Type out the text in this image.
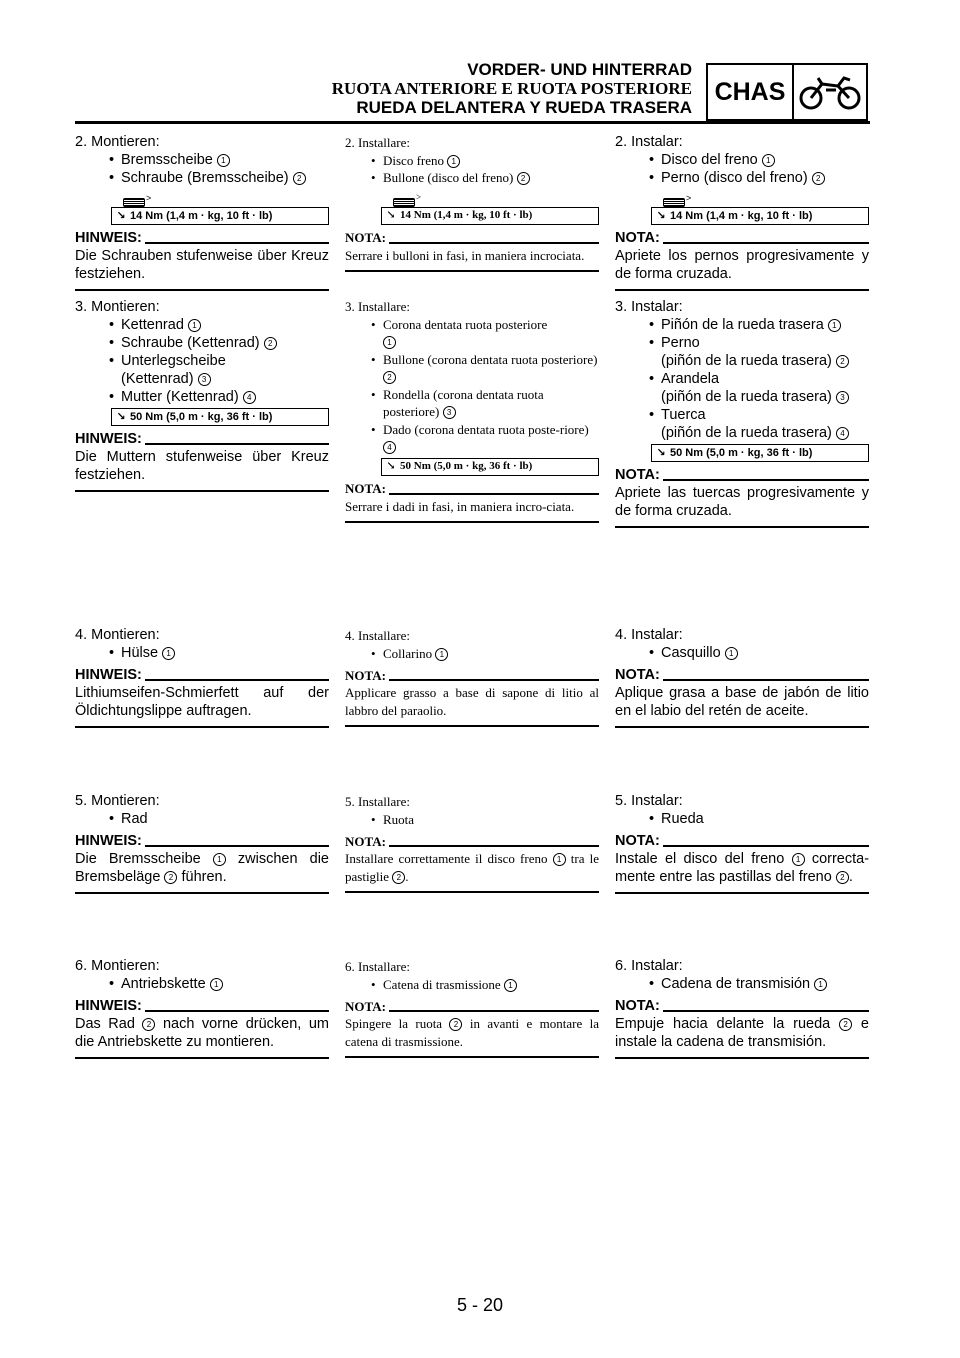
VORDER- UND HINTERRAD
RUOTA ANTERIORE E RUOTA POSTERIORE
RUEDA DELANTERA Y RUEDA TRASERA
CHAS
2. Montieren:
• Bremsscheibe 1
• Schraube (Bremsscheibe) 2
>
↘ 14 Nm (1,4 m · kg, 10 ft · lb)
HINWEIS:
Die Schrauben stufenweise über Kreuz festziehen.
3. Montieren:
• Kettenrad 1
• Schraube (Kettenrad) 2
• Unterlegscheibe
(Kettenrad) 3
• Mutter (Kettenrad) 4
↘ 50 Nm (5,0 m · kg, 36 ft · lb)
HINWEIS:
Die Muttern stufenweise über Kreuz festziehen.
4. Montieren:
• Hülse 1
HINWEIS:
Lithiumseifen-Schmierfett auf der Öldichtungslippe auftragen.
5. Montieren:
• Rad
HINWEIS:
Die Bremsscheibe 1 zwischen die Bremsbeläge 2 führen.
6. Montieren:
• Antriebskette 1
HINWEIS:
Das Rad 2 nach vorne drücken, um die Antriebskette zu montieren.
2. Installare:
• Disco freno 1
• Bullone (disco del freno) 2
>
↘ 14 Nm (1,4 m · kg, 10 ft · lb)
NOTA:
Serrare i bulloni in fasi, in maniera incrociata.
3. Installare:
• Corona dentata ruota posteriore
1
• Bullone (corona dentata ruota posteriore) 2
• Rondella (corona dentata ruota posteriore) 3
• Dado (corona dentata ruota poste-riore) 4
↘ 50 Nm (5,0 m · kg, 36 ft · lb)
NOTA:
Serrare i dadi in fasi, in maniera incro-ciata.
4. Installare:
• Collarino 1
NOTA:
Applicare grasso a base di sapone di litio al labbro del paraolio.
5. Installare:
• Ruota
NOTA:
Installare correttamente il disco freno 1 tra le pastiglie 2 .
6. Installare:
• Catena di trasmissione 1
NOTA:
Spingere la ruota 2 in avanti e montare la catena di trasmissione.
2. Instalar:
• Disco del freno 1
• Perno (disco del freno) 2
>
↘ 14 Nm (1,4 m · kg, 10 ft · lb)
NOTA:
Apriete los pernos progresivamente y de forma cruzada.
3. Instalar:
• Piñón de la rueda trasera 1
• Perno
(piñón de la rueda trasera) 2
• Arandela
(piñón de la rueda trasera) 3
• Tuerca
(piñón de la rueda trasera) 4
↘ 50 Nm (5,0 m · kg, 36 ft · lb)
NOTA:
Apriete las tuercas progresivamente y de forma cruzada.
4. Instalar:
• Casquillo 1
NOTA:
Aplique grasa a base de jabón de litio en el labio del retén de aceite.
5. Instalar:
• Rueda
NOTA:
Instale el disco del freno 1 correcta-mente entre las pastillas del freno 2 .
6. Instalar:
• Cadena de transmisión 1
NOTA:
Empuje hacia delante la rueda 2 e instale la cadena de transmisión.
5 - 20
